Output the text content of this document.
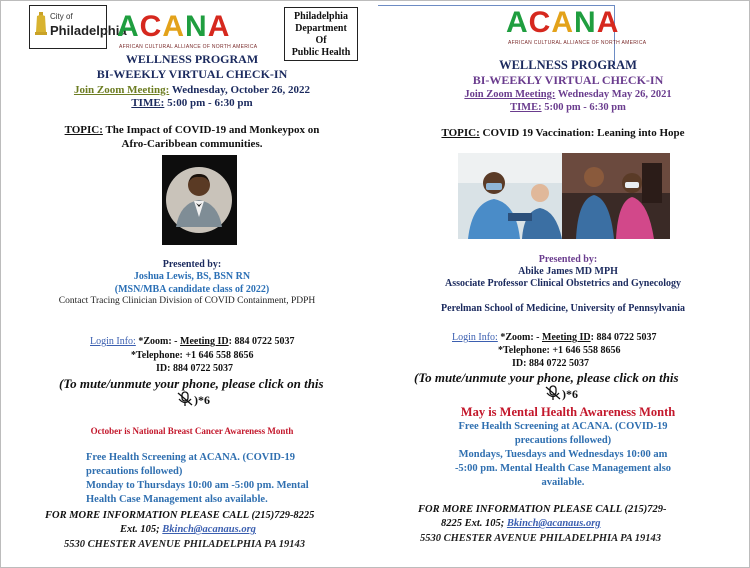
City of
Philadelphia
ACANA
AFRICAN CULTURAL ALLIANCE OF NORTH AMERICA
Philadelphia
Department
Of
Public Health
WELLNESS PROGRAM
BI-WEEKLY VIRTUAL CHECK-IN
Join Zoom Meeting: Wednesday, October 26, 2022
TIME: 5:00 pm - 6:30 pm
TOPIC: The Impact of COVID-19 and Monkeypox on
Afro-Caribbean communities.
Presented by:
Joshua Lewis, BS, BSN RN
(MSN/MBA candidate class of 2022)
Contact Tracing Clinician Division of COVID Containment, PDPH
Login Info: *Zoom: - Meeting ID: 884 0722 5037
*Telephone: +1 646 558 8656
ID: 884 0722 5037
(To mute/unmute your phone, please click on this
)*6
October is National Breast Cancer Awareness Month
Free Health Screening at ACANA. (COVID-19
precautions followed)
Monday to Thursdays 10:00 am -5:00 pm. Mental
Health Case Management also available.
FOR MORE INFORMATION PLEASE CALL (215)729-8225
Ext. 105; Bkinch@acanaus.org
5530 CHESTER AVENUE PHILADELPHIA PA 19143
ACANA
AFRICAN CULTURAL ALLIANCE OF NORTH AMERICA
WELLNESS PROGRAM
BI-WEEKLY VIRTUAL CHECK-IN
Join Zoom Meeting: Wednesday May 26, 2021
TIME: 5:00 pm - 6:30 pm
TOPIC: COVID 19 Vaccination: Leaning into Hope
Presented by:
Abike James MD MPH
Associate Professor Clinical Obstetrics and Gynecology
Perelman School of Medicine, University of Pennsylvania
Login Info: *Zoom: - Meeting ID: 884 0722 5037
*Telephone: +1 646 558 8656
ID: 884 0722 5037
(To mute/unmute your phone, please click on this
)*6
May is Mental Health Awareness Month
Free Health Screening at ACANA. (COVID-19
precautions followed)
Mondays, Tuesdays and Wednesdays 10:00 am
-5:00 pm. Mental Health Case Management also
available.
FOR MORE INFORMATION PLEASE CALL (215)729-
8225 Ext. 105; Bkinch@acanaus.org
5530 CHESTER AVENUE PHILADELPHIA PA 19143
